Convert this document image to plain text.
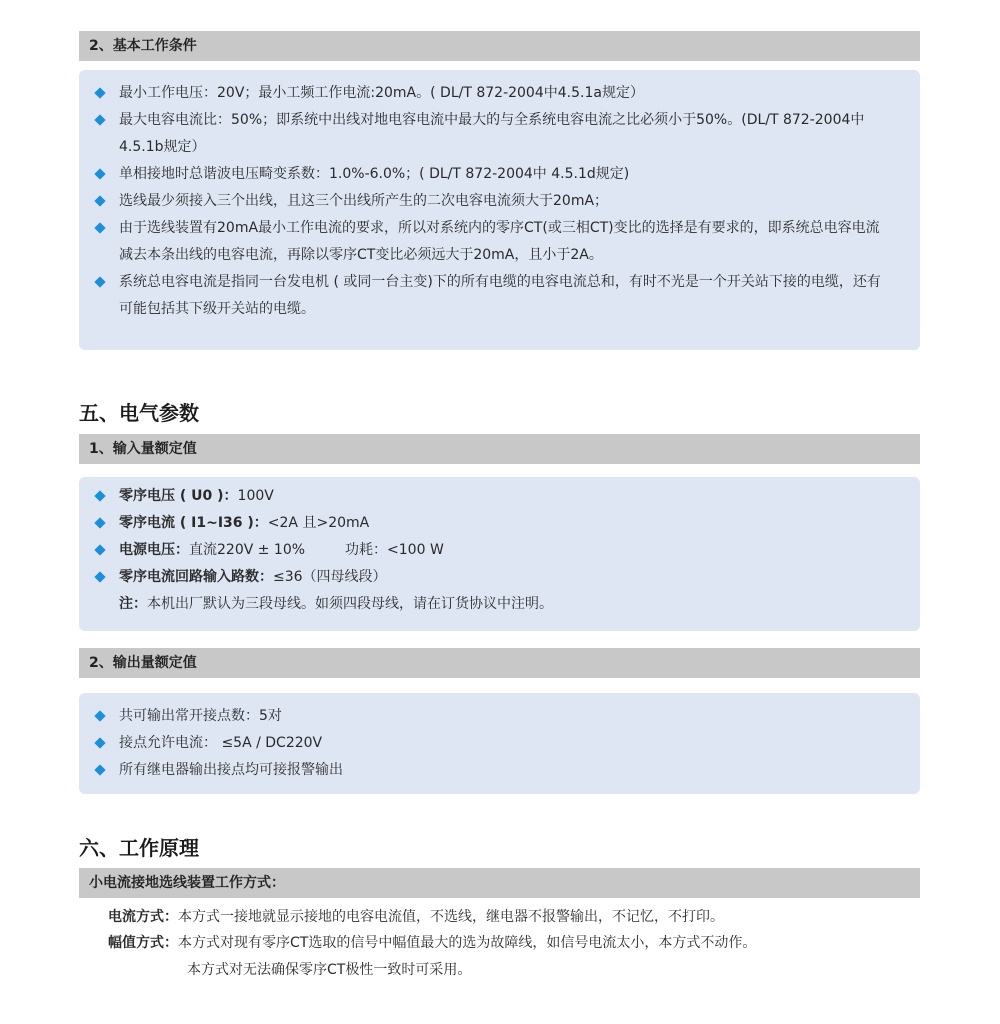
2、基本工作条件
最小工作电压：20V；最小工频工作电流:20mA。( DL/T 872-2004中4.5.1a规定）
最大电容电流比：50%；即系统中出线对地电容电流中最大的与全系统电容电流之比必须小于50%。(DL/T 872-2004中4.5.1b规定）
单相接地时总谐波电压畸变系数：1.0%-6.0%；( DL/T 872-2004中 4.5.1d规定)
选线最少须接入三个出线，且这三个出线所产生的二次电容电流须大于20mA；
由于选线装置有20mA最小工作电流的要求，所以对系统内的零序CT(或三相CT)变比的选择是有要求的，即系统总电容电流减去本条出线的电容电流，再除以零序CT变比必须远大于20mA，且小于2A。
系统总电容电流是指同一台发电机 ( 或同一台主变)下的所有电缆的电容电流总和，有时不光是一个开关站下接的电缆，还有可能包括其下级开关站的电缆。
五、电气参数
1、输入量额定值
零序电压 ( U0 )：100V
零序电流 ( I1~I36 )：<2A 且>20mA
电源电压：直流220V ± 10%	功耗：<100 W
零序电流回路输入路数：≤36（四母线段）
注：本机出厂默认为三段母线。如须四段母线，请在订货协议中注明。
2、输出量额定值
共可输出常开接点数：5对
接点允许电流： ≤5A / DC220V
所有继电器输出接点均可接报警输出
六、工作原理
小电流接地选线装置工作方式：
电流方式：本方式一接地就显示接地的电容电流值，不选线，继电器不报警输出，不记忆，不打印。
幅值方式：本方式对现有零序CT选取的信号中幅值最大的选为故障线，如信号电流太小，本方式不动作。
本方式对无法确保零序CT极性一致时可采用。
